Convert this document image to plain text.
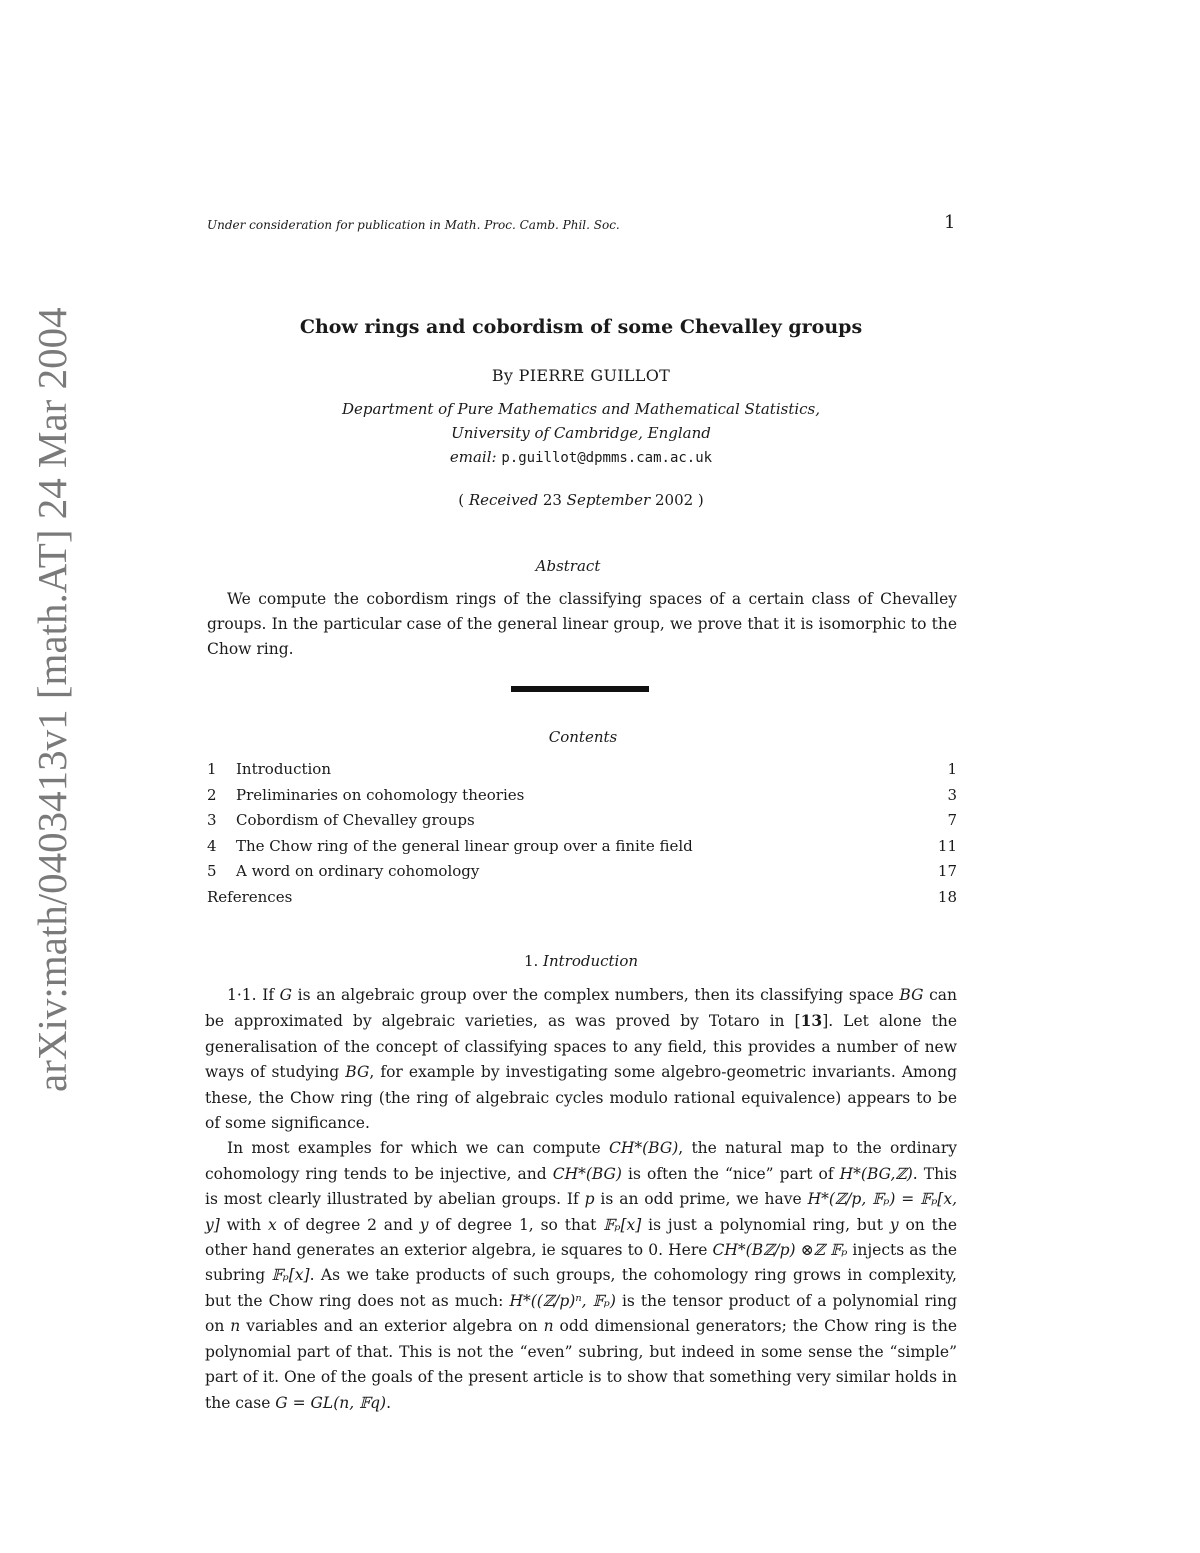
arXiv:math/0403413v1 [math.AT] 24 Mar 2004
Under consideration for publication in Math. Proc. Camb. Phil. Soc.	1
Chow rings and cobordism of some Chevalley groups
By PIERRE GUILLOT
Department of Pure Mathematics and Mathematical Statistics,
University of Cambridge, England
email: p.guillot@dpmms.cam.ac.uk
( Received 23 September 2002 )
Abstract
We compute the cobordism rings of the classifying spaces of a certain class of Chevalley groups. In the particular case of the general linear group, we prove that it is isomorphic to the Chow ring.
Contents
1	Introduction	1
2	Preliminaries on cohomology theories	3
3	Cobordism of Chevalley groups	7
4	The Chow ring of the general linear group over a finite field	11
5	A word on ordinary cohomology	17
References	18
1. Introduction

1·1. If G is an algebraic group over the complex numbers, then its classifying space BG can be approximated by algebraic varieties, as was proved by Totaro in [13]. Let alone the generalisation of the concept of classifying spaces to any field, this provides a number of new ways of studying BG, for example by investigating some algebro-geometric invariants. Among these, the Chow ring (the ring of algebraic cycles modulo rational equivalence) appears to be of some significance.

In most examples for which we can compute CH*(BG), the natural map to the ordinary cohomology ring tends to be injective, and CH*(BG) is often the “nice” part of H*(BG,ℤ). This is most clearly illustrated by abelian groups. If p is an odd prime, we have H*(ℤ/p, 𝔽ₚ) = 𝔽ₚ[x, y] with x of degree 2 and y of degree 1, so that 𝔽ₚ[x] is just a polynomial ring, but y on the other hand generates an exterior algebra, ie squares to 0. Here CH*(Bℤ/p) ⊗ℤ 𝔽ₚ injects as the subring 𝔽ₚ[x]. As we take products of such groups, the cohomology ring grows in complexity, but the Chow ring does not as much: H*((ℤ/p)ⁿ, 𝔽ₚ) is the tensor product of a polynomial ring on n variables and an exterior algebra on n odd dimensional generators; the Chow ring is the polynomial part of that. This is not the “even” subring, but indeed in some sense the “simple” part of it. One of the goals of the present article is to show that something very similar holds in the case G = GL(n, 𝔽q).
